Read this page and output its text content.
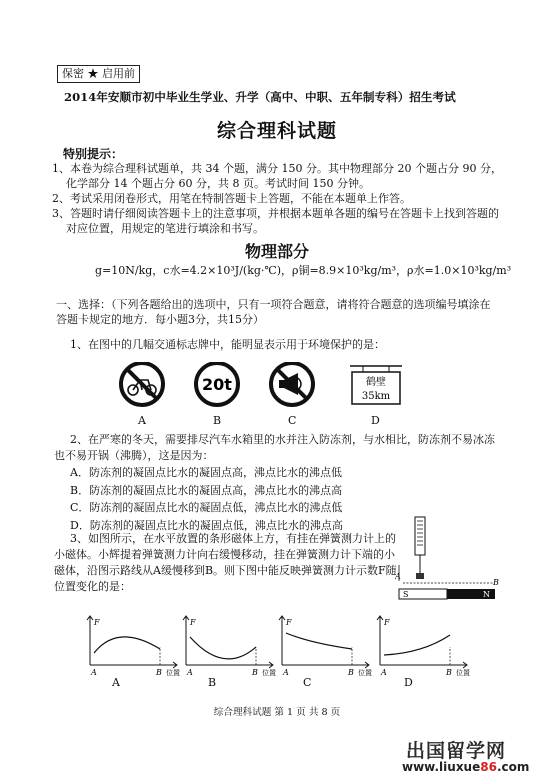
保密 ★ 启用前
2014年安顺市初中毕业生学业、升学（高中、中职、五年制专科）招生考试
综合理科试题
特别提示：

1、本卷为综合理科试题单，共 34 个题，满分 150 分。其中物理部分 20 个题占分 90 分，化学部分 14 个题占分 60 分，共 8 页。考试时间 150 分钟。

2、考试采用闭卷形式，用笔在特制答题卡上答题，不能在本题单上作答。

3、答题时请仔细阅读答题卡上的注意事项，并根据本题单各题的编号在答题卡上找到答题的对应位置，用规定的笔进行填涂和书写。

物理部分
g=10N/kg，c水=4.2×10³J/(kg·℃)，ρ铜=8.9×10³kg/m³，ρ水=1.0×10³kg/m³
一、选择：（下列各题给出的选项中，只有一项符合题意，请将符合题意的选项编号填涂在答题卡规定的地方．每小题3分，共15分）
1、在图中的几幅交通标志牌中，能明显表示用于环境保护的是：
20t	鹤壁
35km
A	B	C	D
2、在严寒的冬天，需要排尽汽车水箱里的水并注入防冻剂，与水相比，防冻剂不易冰冻也不易开锅（沸腾），这是因为：
A．防冻剂的凝固点比水的凝固点高，沸点比水的沸点低
B．防冻剂的凝固点比水的凝固点高，沸点比水的沸点高
C．防冻剂的凝固点比水的凝固点低，沸点比水的沸点低
D．防冻剂的凝固点比水的凝固点低，沸点比水的沸点高
3、如图所示，在水平放置的条形磁体上方，有挂在弹簧测力计上的小磁体。小辉提着弹簧测力计向右缓慢移动，挂在弹簧测力计下端的小磁体，沿图示路线从A缓慢移到B。则下图中能反映弹簧测力计示数F随位置变化的是：
A
B
S	N
F
A	B 位置
F
A	B 位置
F
A	B 位置
F
A	B 位置
A	B	C	D
综合理科试题 第 1 页 共 8 页
出国留学网
www.liuxue86.com
